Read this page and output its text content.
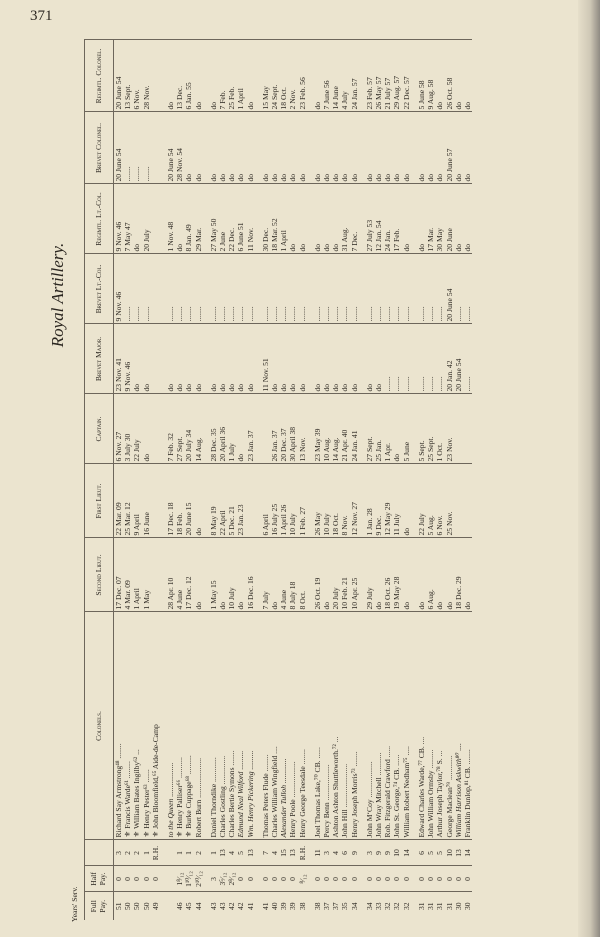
371
Royal Artillery.
Full Pay.	Half Pay.		Colonels.	Second Lieut.	First Lieut.	Captain.	Brevet Major.	Brevet Lt.-Col.	Regimtl. Lt.-Col.	Brevet Colonel.	Regimtl. Colonel.
51	0	3	Richard Say Armstrong⁴⁸ ........	17 Dec. 07	22 Mar. 09	6 Nov. 27	23 Nov. 41	9 Nov. 46	9 Nov. 46	20 June 54	20 June 54
50	0	2	⚜ Francis Warde⁶¹ .........	4 Mar. 09	25 Mar. 12	3 July 30	9 Nov. 46	........	7 May 47	........	13 Sept.
50	0	2	⚜ William Bates Ingilby⁶² ...	1 April	9 April	22 July	do	........	do	........	6 Nov.
50	0	1	⚜ Henry Pester⁶³ .......	1 May	16 June	do	do	........	20 July	........	28 Nov.
49	0	R.H.	⚜ John Bloomfield,⁶⁵ Aide-de-Camp								

			to the Queen ..................	28 Apr. 10	17 Dec. 18	7 Feb. 32	do	........	1 Nov. 48	20 June 54	do
46	1⁸⁄₁₂	1	⚜ Henry Palliser⁶⁶ ...........	4 June	18 Feb.	27 Sept.	do	........	do	28 Nov. 54	13 Dec.
45	1¹⁰⁄₁₂	1	⚜ Burke Cuppage⁶⁸ ..........	17 Dec. 12	20 June 15	20 July 34	do	........	8 Jan. 49	do	6 Jan. 55
44	2¹⁰⁄₁₂	2	Robert Burn .....................	do	do	14 Aug.	do	........	29 Mar.	do	do

43	3	1	Daniel Thorndike .............	1 May 15	8 May 19	28 Dec. 35	do	........	27 May 50	do	do
43	3⁵⁄₁₂	13	Charles Gostling ...............	do	22 April	20 April 36	do	........	2 June	do	7 Feb.
42	2⁸⁄₁₂	4	Charles Bertie Symons ........	10 July	5 Dec. 21	1 July	do	........	22 Dec.	do	25 Feb.
42	0	5	Edmund Neal Wilford ..........	do	23 Jan. 23	do	do	........	6 June 51	do	1 April
41	0	13	Wm. Henry Pickering ..........	16 Dec. 16		23 Jan. 37	do	........	11 Nov.	do	do

41	0	7	Thomas Peters Flude .........	7 July	6 April		11 Nov. 51	........	30 Dec.	do	15 May
40	0	4	Charles William Wingfield ....	do	16 July 25	26 Jan. 37	do	........	18 Mar. 52	do	24 Sept.
39	0	15	Alexander Tulloh .............	4 June	1 April 26	20 Dec. 37	do	........	1 April	do	18 Oct.
39	0	13	Henry Poole ...................	8 July 18	10 July	30 April 38	do	........	do	do	2 Nov.
38	⁸⁄₁₂	R.H.	Henry George Teesdale ........	8 Oct.	1 Feb. 27	13 Nov.	do	........	do	do	23 Feb. 56

38	0	11	Joel Thomas Lake,⁷⁰ CB. ......	26 Oct. 19	26 May	23 May 39	do	........	do	do	do
37	0	3	Percy Benn ...................	do	10 July	10 Aug.	do	........	do	do	7 June 56
37	0	4	Ashton Ashton Shuttleworth.⁷² ...	20 July	18 Oct.	14 Aug.	do	........	do	do	14 June
35	0	6	John Hill .......................	10 Feb. 21	8 Nov.	21 Apr. 40	do	........	31 Aug.	do	4 July
34	0	9	Henry Joseph Morris⁷³ ........	10 Apr. 25	12 Nov. 27	24 Jan. 41	do	........	7 Dec.	do	24 Jan. 57

34	0	3	John M‘Coy ...................	29 July	1 Jan. 28	27 Sept.	do	........	27 July 53	do	23 Feb. 57
33	0	9	John Wray Mitchell ............	do	9 Dec.	25 Jan.	do	........	12 Jan. 54	do	26 May 57
32	0	9	Rob. Fitzgerald Crawford ......	18 Oct. 26	12 May 29	1 Apr.	........	........	24 Jan.	do	21 July 57
32	0	10	John St. George,⁷⁴ CB. ......	19 May 28	11 July	do	........	........	17 Feb.	do	29 Aug. 57
32	0	14	William Robert Nedham⁷⁵ .....	do	do	5 June	........	........	do	do	22 Dec. 57

31	0	6	Edward Charles Warde,⁷⁷ CB. ....	do	22 July	5 Sept.	........	........	do	do	5 June 58
31	0	5	John William Ormsby ..........	6 Aug.	5 Aug.	25 Sept.	........	........	17 Mar.	do	9 Aug. 58
31	0	5	Arthur Joseph Taylor,⁷⁸ S. ...	do	6 Nov.	1 Oct.	........	........	30 May	do	do
31	0	10	George Maclean⁷⁹ .............	do	25 Nov.	23 Nov.	20 Jan. 42	20 June 54	20 June	20 June 57	26 Oct. 58
30	0	13	William Harrison Askwith⁸⁰ ....	18 Dec. 29			20 June 54	........	do	do	do
30	0	14	Franklin Dunlop,⁸¹ CB. ........	do			........	........	do	do	do
Years' Serv.
